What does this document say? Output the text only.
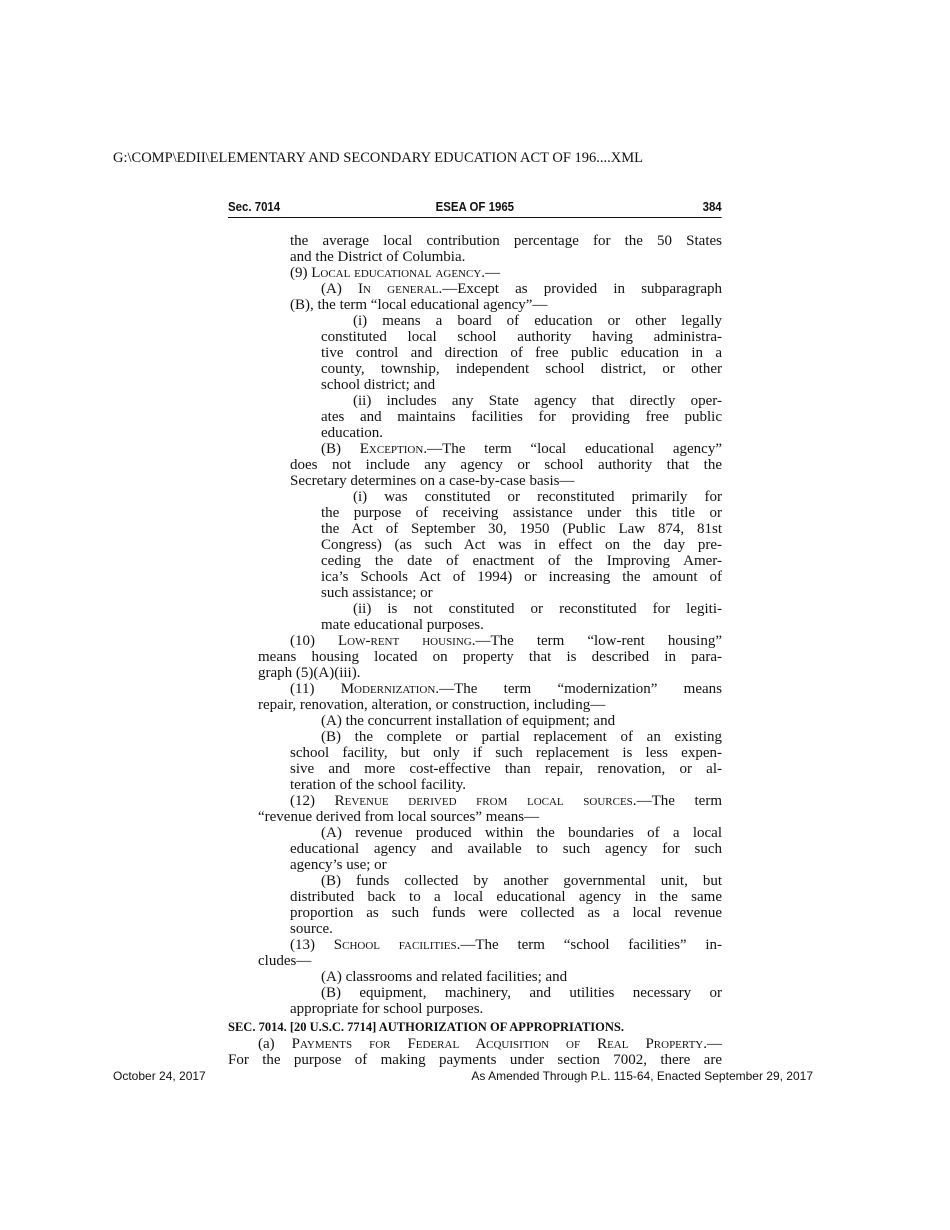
G:\COMP\EDII\ELEMENTARY AND SECONDARY EDUCATION ACT OF 196....XML
Sec. 7014	ESEA OF 1965	384
the average local contribution percentage for the 50 States
and the District of Columbia.
(9) Local educational agency.—
(A) In general.—Except as provided in subparagraph
(B), the term “local educational agency”—
(i) means a board of education or other legally
constituted local school authority having administra-
tive control and direction of free public education in a
county, township, independent school district, or other
school district; and
(ii) includes any State agency that directly oper-
ates and maintains facilities for providing free public
education.
(B) Exception.—The term “local educational agency”
does not include any agency or school authority that the
Secretary determines on a case-by-case basis—
(i) was constituted or reconstituted primarily for
the purpose of receiving assistance under this title or
the Act of September 30, 1950 (Public Law 874, 81st
Congress) (as such Act was in effect on the day pre-
ceding the date of enactment of the Improving Amer-
ica’s Schools Act of 1994) or increasing the amount of
such assistance; or
(ii) is not constituted or reconstituted for legiti-
mate educational purposes.
(10) Low-rent housing.—The term “low-rent housing”
means housing located on property that is described in para-
graph (5)(A)(iii).
(11) Modernization.—The term “modernization” means
repair, renovation, alteration, or construction, including—
(A) the concurrent installation of equipment; and
(B) the complete or partial replacement of an existing
school facility, but only if such replacement is less expen-
sive and more cost-effective than repair, renovation, or al-
teration of the school facility.
(12) Revenue derived from local sources.—The term
“revenue derived from local sources” means—
(A) revenue produced within the boundaries of a local
educational agency and available to such agency for such
agency’s use; or
(B) funds collected by another governmental unit, but
distributed back to a local educational agency in the same
proportion as such funds were collected as a local revenue
source.
(13) School facilities.—The term “school facilities” in-
cludes—
(A) classrooms and related facilities; and
(B) equipment, machinery, and utilities necessary or
appropriate for school purposes.
SEC. 7014. [20 U.S.C. 7714] AUTHORIZATION OF APPROPRIATIONS.
(a) Payments for Federal Acquisition of Real Property.—
For the purpose of making payments under section 7002, there are
October 24, 2017	As Amended Through P.L. 115-64, Enacted September 29, 2017
